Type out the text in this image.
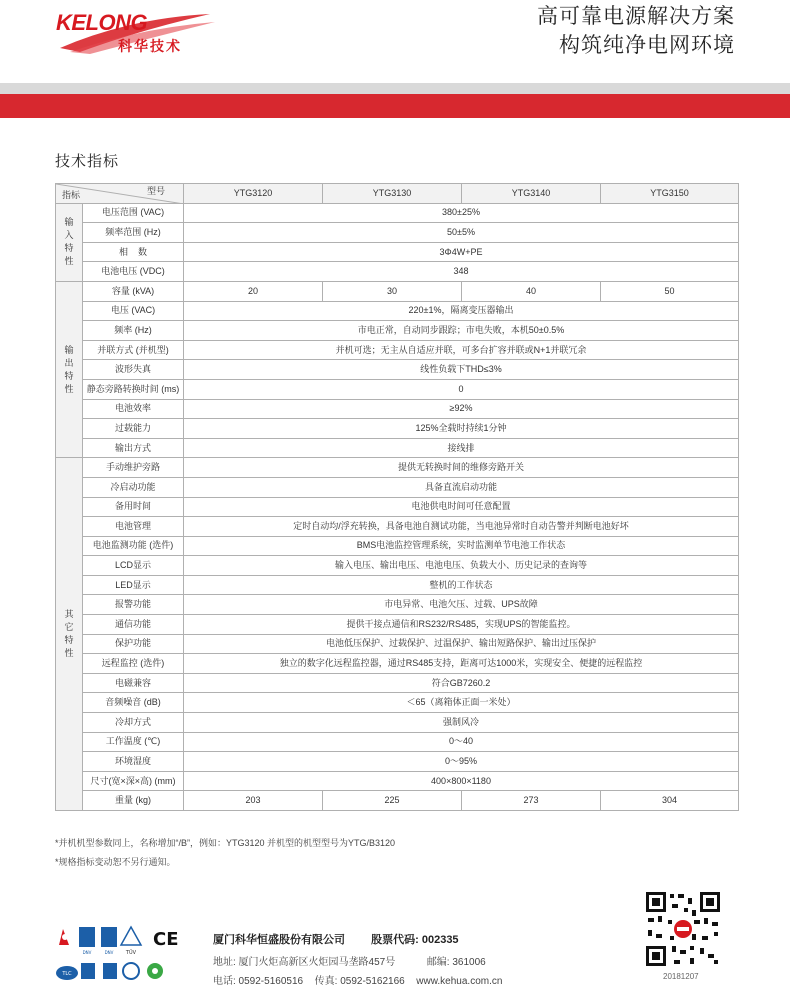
KELONG
科华技术
高可靠电源解决方案
构筑纯净电网环境
技术指标
型号
指标		YTG3120	YTG3130	YTG3140	YTG3150

输入特性	电压范围 (VAC)	380±25%			
	频率范围 (Hz)	50±5%			
	相    数	3Φ4W+PE			
	电池电压 (VDC)	348			

输出特性	容量 (kVA)	20	30	40	50
	电压 (VAC)	220±1%，隔离变压器输出			
	频率 (Hz)	市电正常，自动同步跟踪；市电失败，本机50±0.5%			
	并联方式 (并机型)	并机可选；无主从自适应并联，可多台扩容并联或N+1并联冗余			
	波形失真	线性负载下THD≤3%			
	静态旁路转换时间 (ms)	0			
	电池效率	≥92%			
	过载能力	125%全载时持续1分钟			
	输出方式	接线排			

其它特性	手动维护旁路	提供无转换时间的维修旁路开关			
	冷启动功能	具备直流启动功能			
	备用时间	电池供电时间可任意配置			
	电池管理	定时自动均/浮充转换，具备电池自测试功能，当电池异常时自动告警并判断电池好坏			
	电池监测功能 (选件)	BMS电池监控管理系统，实时监测单节电池工作状态			
	LCD显示	输入电压、输出电压、电池电压、负载大小、历史记录的查询等			
	LED显示	整机的工作状态			
	报警功能	市电异常、电池欠压、过载、UPS故障			
	通信功能	提供干接点通信和RS232/RS485，实现UPS的智能监控。			
	保护功能	电池低压保护、过载保护、过温保护、输出短路保护、输出过压保护			
	远程监控 (选件)	独立的数字化远程监控器，通过RS485支持，距离可达1000米，实现安全、便捷的远程监控			
	电磁兼容	符合GB7260.2			
	音频噪音 (dB)	＜65（离箱体正面一米处）			
	冷却方式	强制风冷			
	工作温度 (℃)	0～40			
	环境湿度	0～95%			
	尺寸(宽×深×高) (mm)	400×800×1180			
	重量 (kg)	203	225	273	304
*并机机型参数同上，名称增加“/B”，例如：YTG3120 并机型的机型型号为YTG/B3120
*规格指标变动恕不另行通知。
DNV	DNV	TÜV
CE
TLC
厦门科华恒盛股份有限公司 股票代码: 002335
地址: 厦门火炬高新区火炬园马垄路457号	邮编: 361006
电话: 0592-5160516 传真: 0592-5162166 www.kehua.com.cn	20181207
